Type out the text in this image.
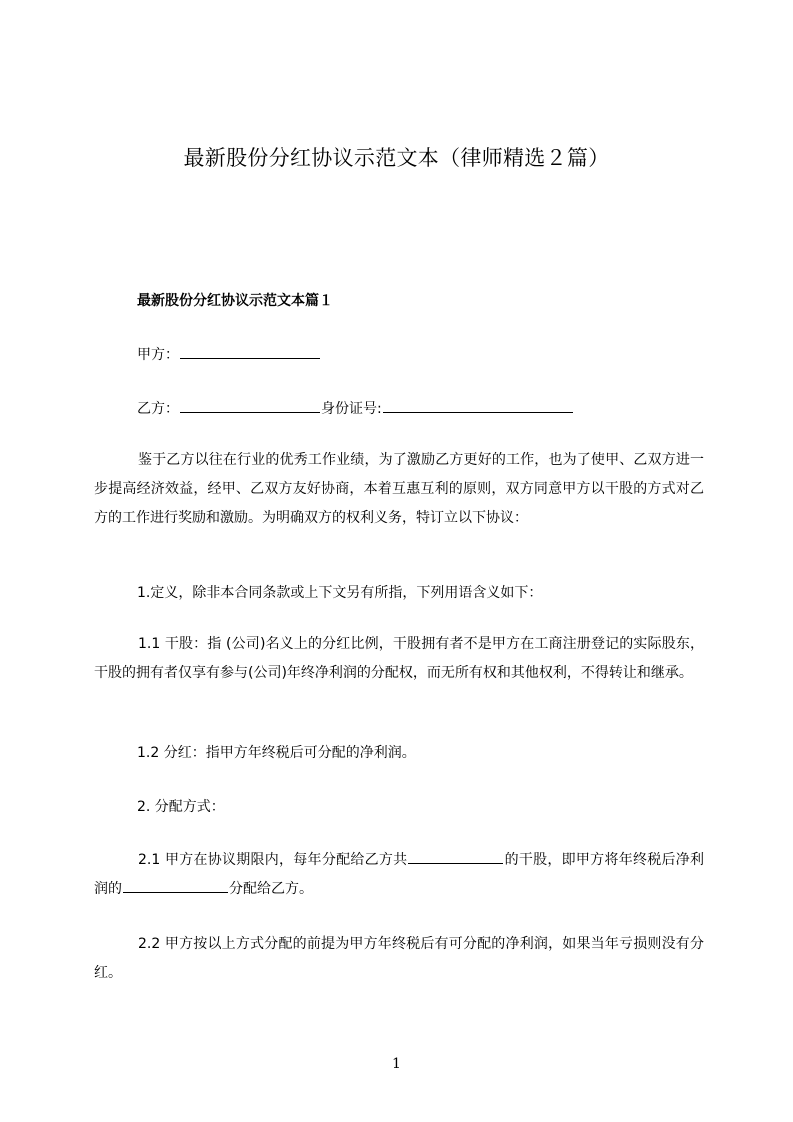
最新股份分红协议示范文本（律师精选２篇）
最新股份分红协议示范文本篇１
甲方：
乙方：	身份证号:
鉴于乙方以往在行业的优秀工作业绩，为了激励乙方更好的工作，也为了使甲、乙双方进一步提高经济效益，经甲、乙双方友好协商，本着互惠互利的原则，双方同意甲方以干股的方式对乙方的工作进行奖励和激励。为明确双方的权利义务，特订立以下协议：
1.定义，除非本合同条款或上下文另有所指，下列用语含义如下：
1.1 干股：指 (公司)名义上的分红比例，干股拥有者不是甲方在工商注册登记的实际股东，干股的拥有者仅享有参与(公司)年终净利润的分配权，而无所有权和其他权利，不得转让和继承。
1.2 分红：指甲方年终税后可分配的净利润。
2. 分配方式：
2.1 甲方在协议期限内，每年分配给乙方共	的干股，即甲方将年终税后净利润的	分配给乙方。
2.2 甲方按以上方式分配的前提为甲方年终税后有可分配的净利润，如果当年亏损则没有分红。
1
